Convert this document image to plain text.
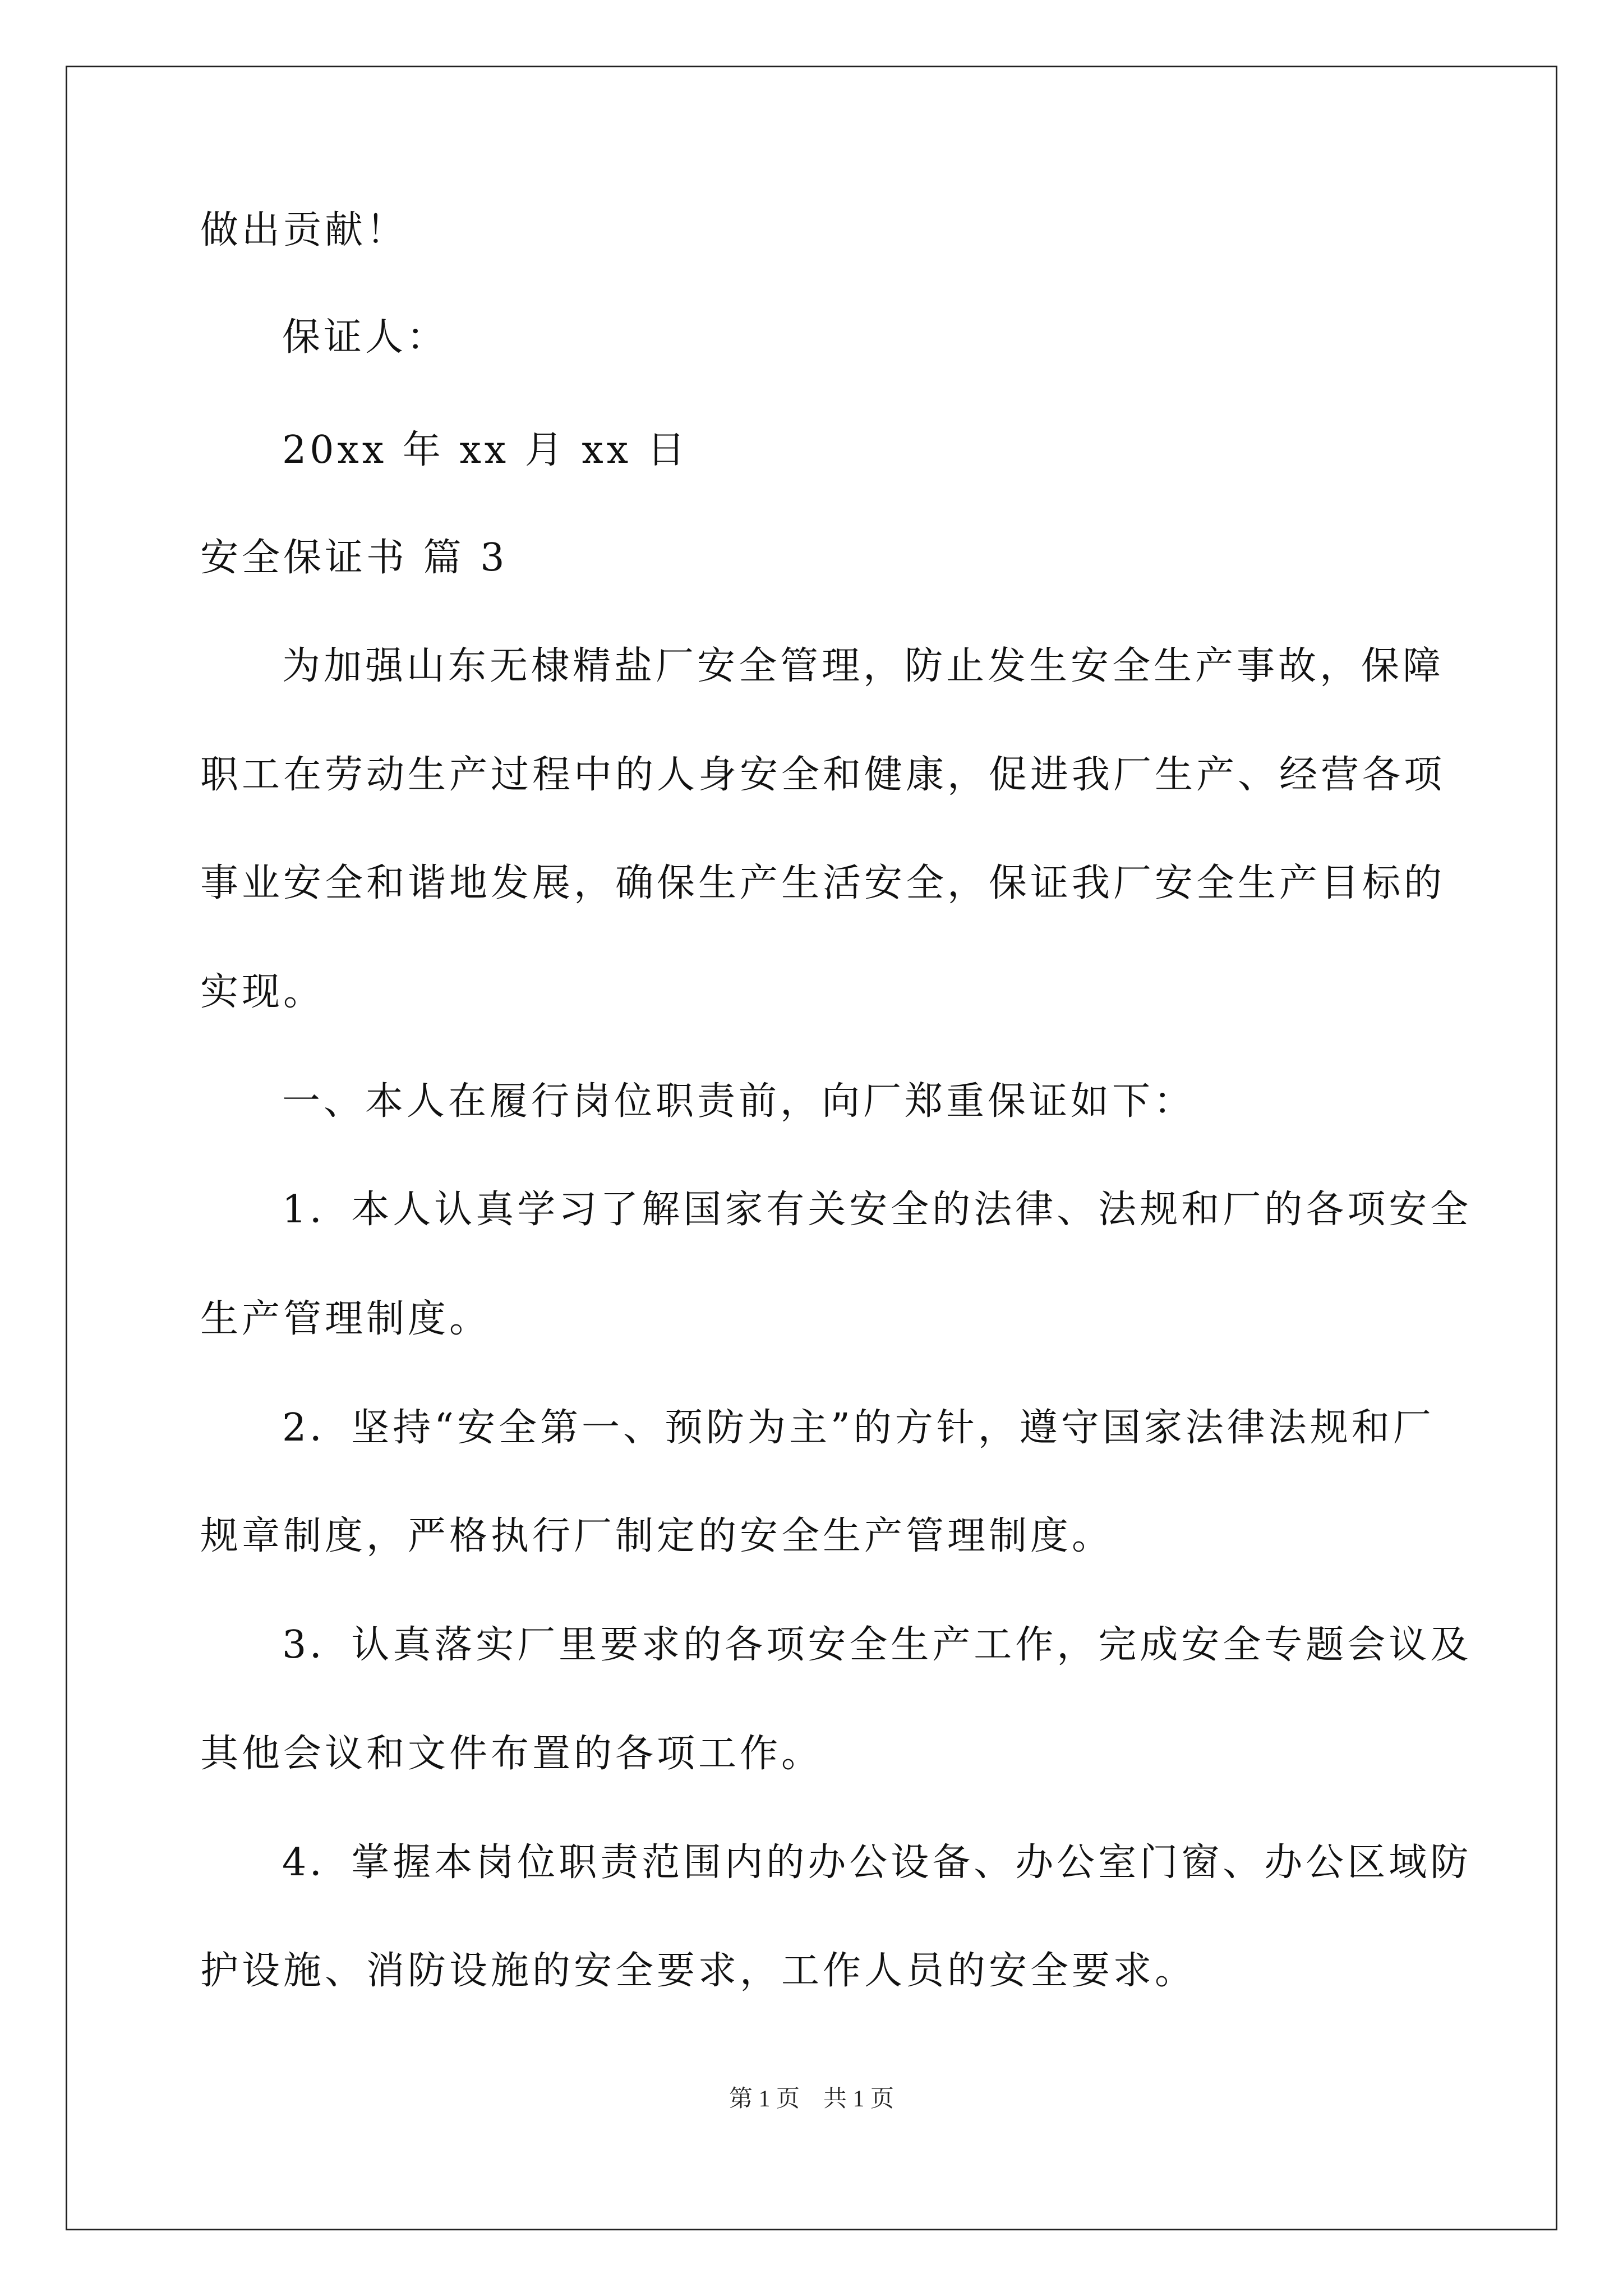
做出贡献！
保证人：
20xx 年 xx 月 xx 日
安全保证书 篇 3
为加强山东无棣精盐厂安全管理，防止发生安全生产事故，保障
职工在劳动生产过程中的人身安全和健康，促进我厂生产、经营各项
事业安全和谐地发展，确保生产生活安全，保证我厂安全生产目标的
实现。
一、本人在履行岗位职责前，向厂郑重保证如下：
1．本人认真学习了解国家有关安全的法律、法规和厂的各项安全
生产管理制度。
2．坚持“安全第一、预防为主”的方针，遵守国家法律法规和厂
规章制度，严格执行厂制定的安全生产管理制度。
3．认真落实厂里要求的各项安全生产工作，完成安全专题会议及
其他会议和文件布置的各项工作。
4．掌握本岗位职责范围内的办公设备、办公室门窗、办公区域防
护设施、消防设施的安全要求，工作人员的安全要求。
第 1 页　共 1 页
